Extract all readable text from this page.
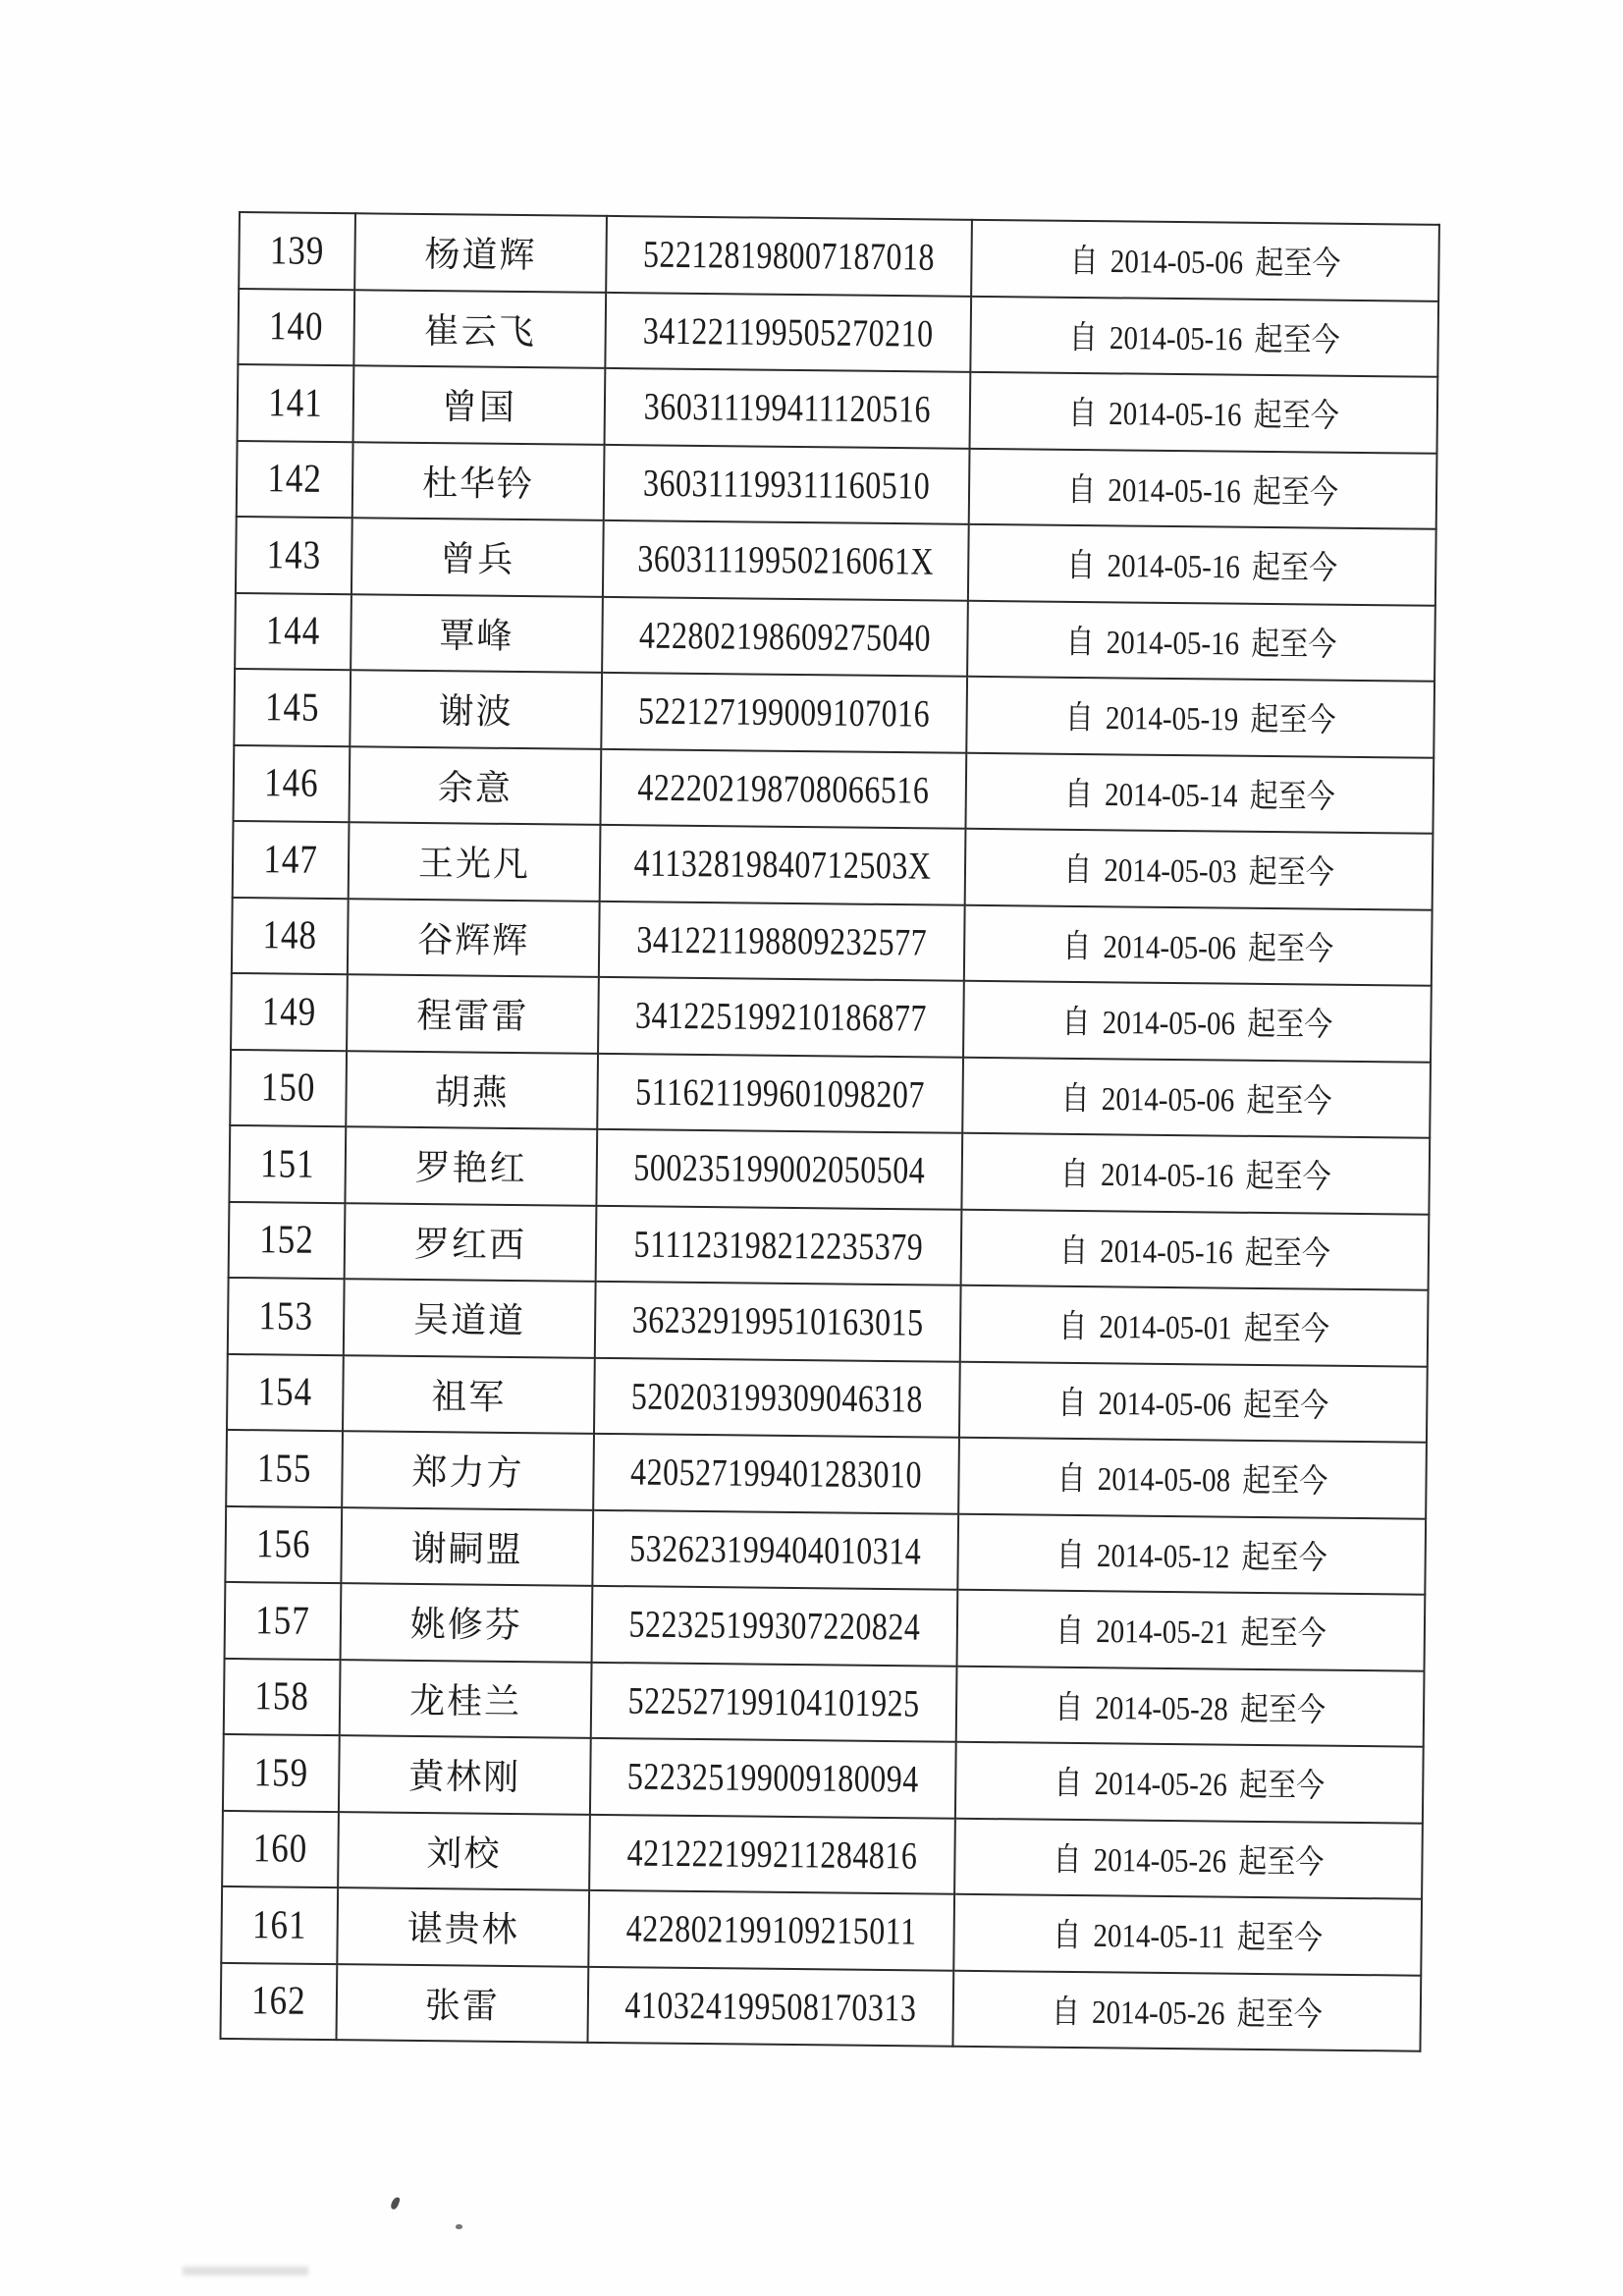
139	杨道辉	522128198007187018	自 2014-05-06 起至今
140	崔云飞	341221199505270210	自 2014-05-16 起至今
141	曾国	360311199411120516	自 2014-05-16 起至今
142	杜华钤	360311199311160510	自 2014-05-16 起至今
143	曾兵	36031119950216061X	自 2014-05-16 起至今
144	覃峰	422802198609275040	自 2014-05-16 起至今
145	谢波	522127199009107016	自 2014-05-19 起至今
146	余意	422202198708066516	自 2014-05-14 起至今
147	王光凡	41132819840712503X	自 2014-05-03 起至今
148	谷辉辉	341221198809232577	自 2014-05-06 起至今
149	程雷雷	341225199210186877	自 2014-05-06 起至今
150	胡燕	511621199601098207	自 2014-05-06 起至今
151	罗艳红	500235199002050504	自 2014-05-16 起至今
152	罗红西	511123198212235379	自 2014-05-16 起至今
153	吴道道	362329199510163015	自 2014-05-01 起至今
154	祖军	520203199309046318	自 2014-05-06 起至今
155	郑力方	420527199401283010	自 2014-05-08 起至今
156	谢嗣盟	532623199404010314	自 2014-05-12 起至今
157	姚修芬	522325199307220824	自 2014-05-21 起至今
158	龙桂兰	522527199104101925	自 2014-05-28 起至今
159	黄林刚	522325199009180094	自 2014-05-26 起至今
160	刘校	421222199211284816	自 2014-05-26 起至今
161	谌贵林	422802199109215011	自 2014-05-11 起至今
162	张雷	410324199508170313	自 2014-05-26 起至今
